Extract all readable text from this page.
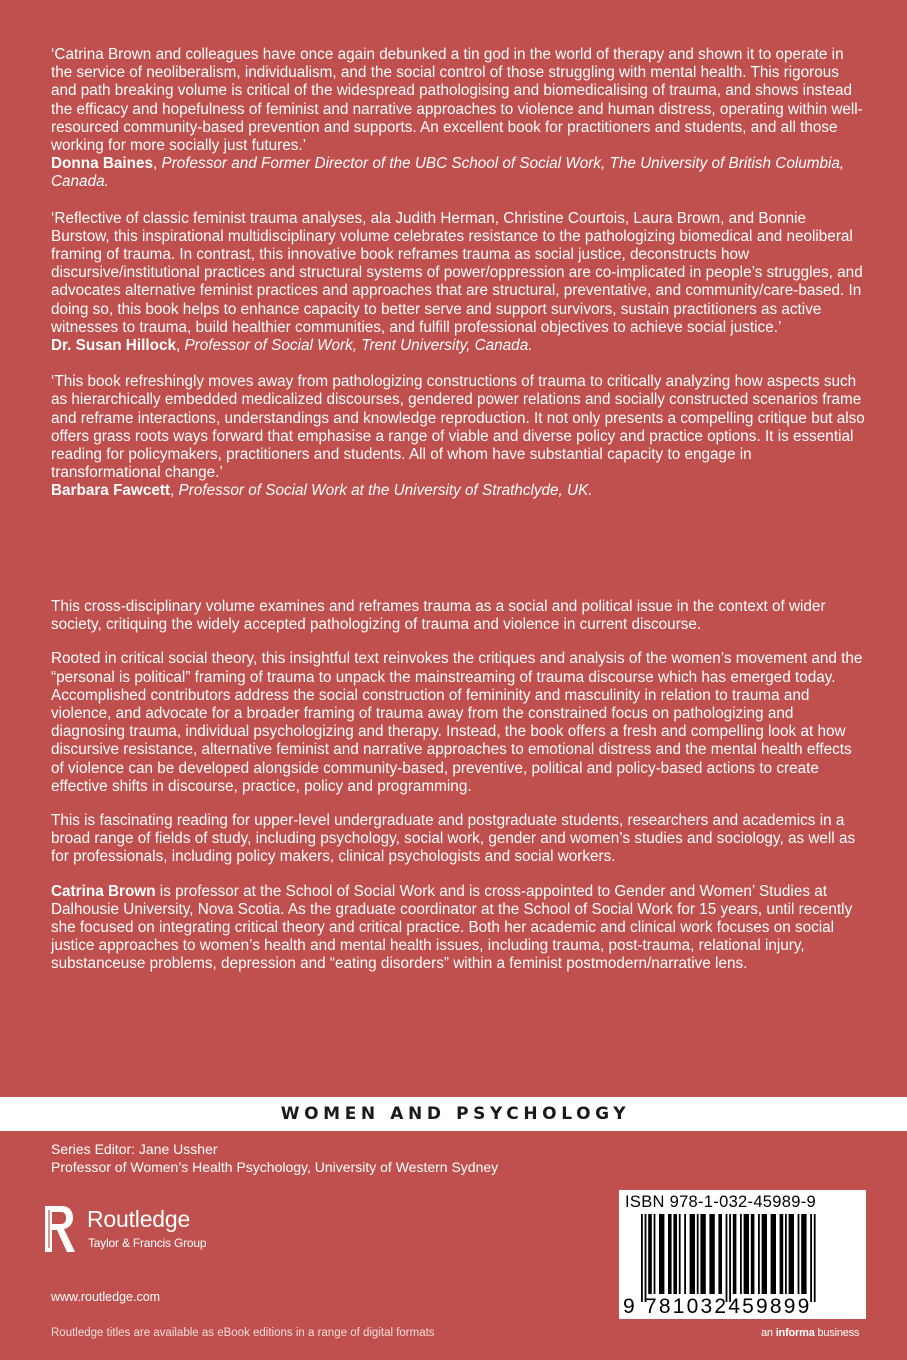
‘Catrina Brown and colleagues have once again debunked a tin god in the world of therapy and shown it to operate in the service of neoliberalism, individualism, and the social control of those struggling with mental health. This rigorous and path breaking volume is critical of the widespread pathologising and biomedicalising of trauma, and shows instead the efficacy and hopefulness of feminist and narrative approaches to violence and human distress, operating within well-resourced community-based prevention and supports. An excellent book for practitioners and students, and all those working for more socially just futures.’

Donna Baines, Professor and Former Director of the UBC School of Social Work, The University of British Columbia, Canada.

‘Reflective of classic feminist trauma analyses, ala Judith Herman, Christine Courtois, Laura Brown, and Bonnie Burstow, this inspirational multidisciplinary volume celebrates resistance to the pathologizing biomedical and neoliberal framing of trauma. In contrast, this innovative book reframes trauma as social justice, deconstructs how discursive/institutional practices and structural systems of power/oppression are co-implicated in people’s struggles, and advocates alternative feminist practices and approaches that are structural, preventative, and community/care-based. In doing so, this book helps to enhance capacity to better serve and support survivors, sustain practitioners as active witnesses to trauma, build healthier communities, and fulfill professional objectives to achieve social justice.’

Dr. Susan Hillock, Professor of Social Work, Trent University, Canada.

‘This book refreshingly moves away from pathologizing constructions of trauma to critically analyzing how aspects such as hierarchically embedded medicalized discourses, gendered power relations and socially constructed scenarios frame and reframe interactions, understandings and knowledge reproduction. It not only presents a compelling critique but also offers grass roots ways forward that emphasise a range of viable and diverse policy and practice options. It is essential reading for policymakers, practitioners and students. All of whom have substantial capacity to engage in transformational change.’

Barbara Fawcett, Professor of Social Work at the University of Strathclyde, UK.

This cross-disciplinary volume examines and reframes trauma as a social and political issue in the context of wider society, critiquing the widely accepted pathologizing of trauma and violence in current discourse.

Rooted in critical social theory, this insightful text reinvokes the critiques and analysis of the women’s movement and the “personal is political” framing of trauma to unpack the mainstreaming of trauma discourse which has emerged today. Accomplished contributors address the social construction of femininity and masculinity in relation to trauma and violence, and advocate for a broader framing of trauma away from the constrained focus on pathologizing and diagnosing trauma, individual psychologizing and therapy. Instead, the book offers a fresh and compelling look at how discursive resistance, alternative feminist and narrative approaches to emotional distress and the mental health effects of violence can be developed alongside community-based, preventive, political and policy-based actions to create effective shifts in discourse, practice, policy and programming.

This is fascinating reading for upper-level undergraduate and postgraduate students, researchers and academics in a broad range of fields of study, including psychology, social work, gender and women’s studies and sociology, as well as for professionals, including policy makers, clinical psychologists and social workers.

Catrina Brown is professor at the School of Social Work and is cross-appointed to Gender and Women’ Studies at Dalhousie University, Nova Scotia. As the graduate coordinator at the School of Social Work for 15 years, until recently she focused on integrating critical theory and critical practice. Both her academic and clinical work focuses on social justice approaches to women’s health and mental health issues, including trauma, post-trauma, relational injury, substanceuse problems, depression and “eating disorders” within a feminist postmodern/narrative lens.

WOMEN AND PSYCHOLOGY
Series Editor: Jane Ussher
Professor of Women’s Health Psychology, University of Western Sydney
Routledge
Taylor & Francis Group
www.routledge.com
Routledge titles are available as eBook editions in a range of digital formats
ISBN 978-1-032-45989-9
9 781032459899
an informa business
